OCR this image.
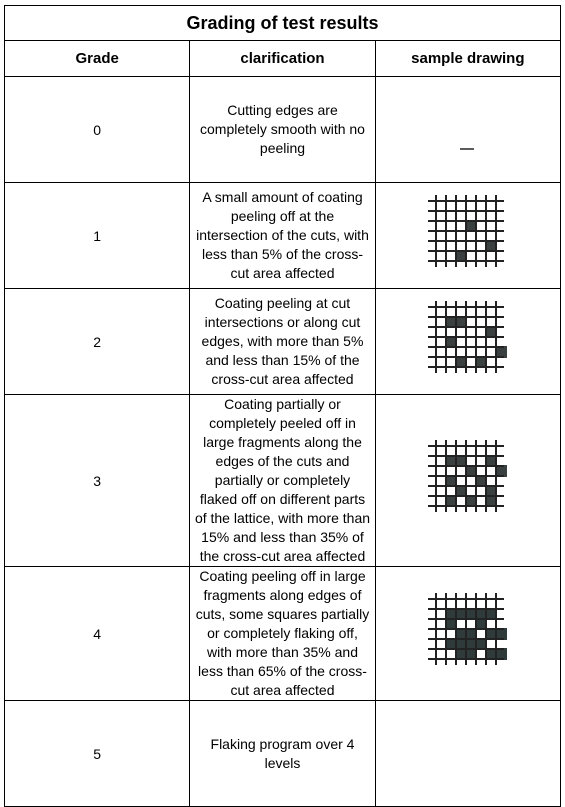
Grading of test results		
Grade	clarification	sample drawing
0	Cutting edges are completely smooth with no peeling

1	A small amount of coating peeling off at the intersection of the cuts, with less than 5% of the cross-cut area affected

2	Coating peeling at cut intersections or along cut edges, with more than 5% and less than 15% of the cross-cut area affected

3	Coating partially or completely peeled off in large fragments along the edges of the cuts and partially or completely flaked off on different parts of the lattice, with more than 15% and less than 35% of the cross-cut area affected

4	Coating peeling off in large fragments along edges of cuts, some squares partially or completely flaking off, with more than 35% and less than 65% of the cross-cut area affected

5	Flaking program over 4 levels	
